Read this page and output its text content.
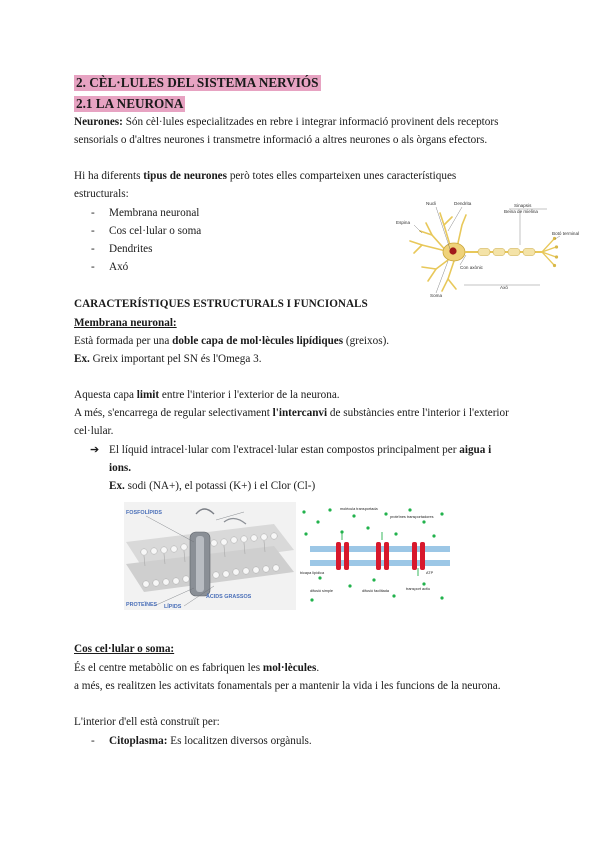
2. CÈL·LULES DEL SISTEMA NERVIÓS
2.1 LA NEURONA
Neurones: Són cèl·lules especialitzades en rebre i integrar informació provinent dels receptors
sensorials o d'altres neurones i transmetre informació a altres neurones o als òrgans efectors.
Hi ha diferents tipus de neurones però totes elles comparteixen unes característiques
estructurals:
- Membrana neuronal
- Cos cel·lular o soma
- Dendrites
- Axó
Nucli	Dendrita	Sinapsis
Botó terminal
Espina
Con axònic
Soma
Axó
Beina de mielina
CARACTERÍSTIQUES ESTRUCTURALS I FUNCIONALS
Membrana neuronal:
Està formada per una doble capa de mol·lècules lipídiques (greixos).
Ex. Greix important pel SN és l'Omega 3.
Aquesta capa limit entre l'interior i l'exterior de la neurona.
A més, s'encarrega de regular selectivament l'intercanvi de substàncies entre l'interior i l'exterior
cel·lular.
➔ El líquid intracel·lular com l'extracel·lular estan compostos principalment per aigua i
ions.
Ex. sodi (NA+), el potassi (K+) i el Clor (Cl-)
FOSFOLÍPIDS
PROTEÏNES
ÀCIDS GRASSOS
LÍPIDS
molècula transportada
proteïnes transportadores
bicapa lipídica
difusió simple	difusió facilitada	transport actiu
ATP
Cos cel·lular o soma:
És el centre metabòlic on es fabriquen les mol·lècules.
a més, es realitzen les activitats fonamentals per a mantenir la vida i les funcions de la neurona.
L'interior d'ell està construït per:
- Citoplasma: Es localitzen diversos orgànuls.
